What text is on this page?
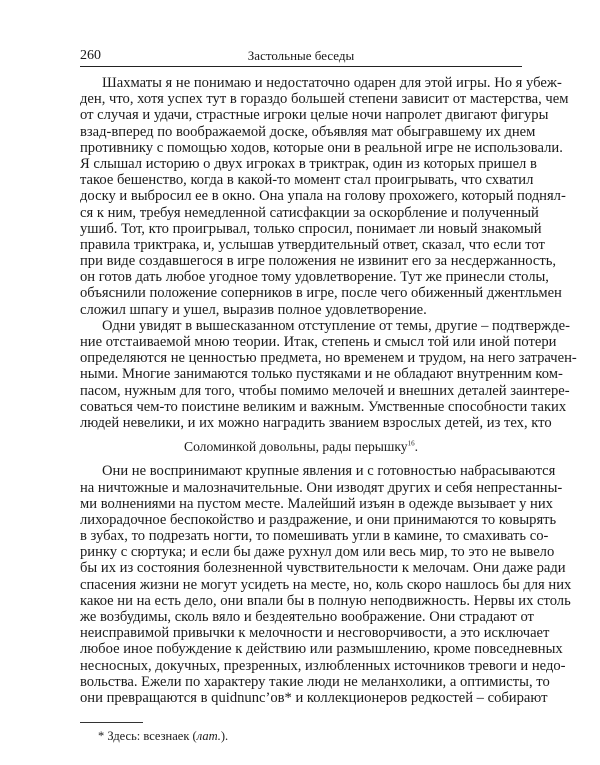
260	Застольные беседы
Шахматы я не понимаю и недостаточно одарен для этой игры. Но я убеж-
ден, что, хотя успех тут в гораздо большей степени зависит от мастерства, чем
от случая и удачи, страстные игроки целые ночи напролет двигают фигуры
взад-вперед по воображаемой доске, объявляя мат обыгравшему их днем
противнику с помощью ходов, которые они в реальной игре не использовали.
Я слышал историю о двух игроках в триктрак, один из которых пришел в
такое бешенство, когда в какой-то момент стал проигрывать, что схватил
доску и выбросил ее в окно. Она упала на голову прохожего, который поднял-
ся к ним, требуя немедленной сатисфакции за оскорбление и полученный
ушиб. Тот, кто проигрывал, только спросил, понимает ли новый знакомый
правила триктрака, и, услышав утвердительный ответ, сказал, что если тот
при виде создавшегося в игре положения не извинит его за несдержанность,
он готов дать любое угодное тому удовлетворение. Тут же принесли столы,
объяснили положение соперников в игре, после чего обиженный джентльмен
сложил шпагу и ушел, выразив полное удовлетворение.
Одни увидят в вышесказанном отступление от темы, другие – подтвержде-
ние отстаиваемой мною теории. Итак, степень и смысл той или иной потери
определяются не ценностью предмета, но временем и трудом, на него затрачен-
ными. Многие занимаются только пустяками и не обладают внутренним ком-
пасом, нужным для того, чтобы помимо мелочей и внешних деталей заинтере-
соваться чем-то поистине великим и важным. Умственные способности таких
людей невелики, и их можно наградить званием взрослых детей, из тех, кто
Соломинкой довольны, рады перышку$^{16}$.
Они не воспринимают крупные явления и с готовностью набрасываются
на ничтожные и малозначительные. Они изводят других и себя непрестанны-
ми волнениями на пустом месте. Малейший изъян в одежде вызывает у них
лихорадочное беспокойство и раздражение, и они принимаются то ковырять
в зубах, то подрезать ногти, то помешивать угли в камине, то смахивать со-
ринку с сюртука; и если бы даже рухнул дом или весь мир, то это не вывело
бы их из состояния болезненной чувствительности к мелочам. Они даже ради
спасения жизни не могут усидеть на месте, но, коль скоро нашлось бы для них
какое ни на есть дело, они впали бы в полную неподвижность. Нервы их столь
же возбудимы, сколь вяло и бездеятельно воображение. Они страдают от
неисправимой привычки к мелочности и несговорчивости, а это исключает
любое иное побуждение к действию или размышлению, кроме повседневных
несносных, докучных, презренных, излюбленных источников тревоги и недо-
вольства. Ежели по характеру такие люди не меланхолики, а оптимисты, то
они превращаются в quidnunc’ов* и коллекционеров редкостей – собирают
* Здесь: всезнаек (лат.).
